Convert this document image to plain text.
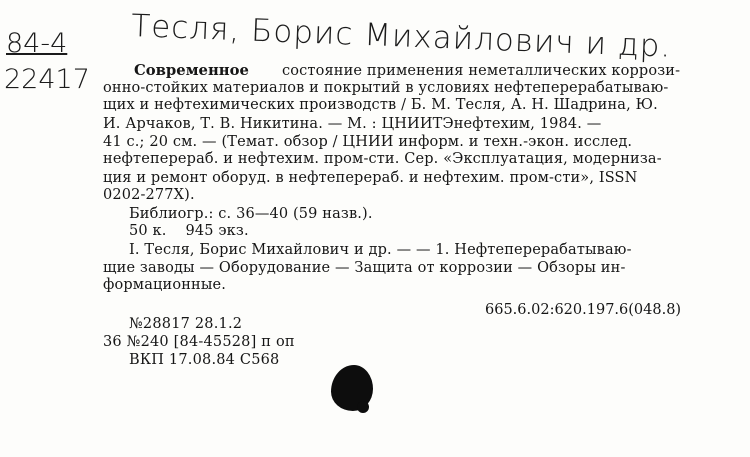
Тесля, Борис Михайлович и др.
84-4
22417	Современное состояние применения неметаллических коррози-
онно-стойких материалов и покрытий в условиях нефтеперерабатываю-
щих и нефтехимических производств / Б. М. Тесля, А. Н. Шадрина, Ю.
И. Арчаков, Т. В. Никитина. — М. : ЦНИИТЭнефтехим, 1984. —
41 с.; 20 см. — (Темат. обзор / ЦНИИ информ. и техн.-экон. исслед.
нефтепереpаб. и нефтехим. пром-сти. Сер. «Эксплуатация, модерниза-
ция и ремонт оборуд. в нефтеперераб. и нефтехим. пром-сти», ISSN
0202-277X).
Библиогр.: с. 36—40 (59 назв.).
50 к.    945 экз.
I. Тесля, Борис Михайлович и др. — — 1. Нефтеперерабатываю-
щие заводы — Оборудование — Защита от коррозии — Обзоры ин-
формационные.
665.6.02:620.197.6(048.8)
№28817 28.1.2
36 №240 [84-45528] п оп
ВКП 17.08.84 С568
